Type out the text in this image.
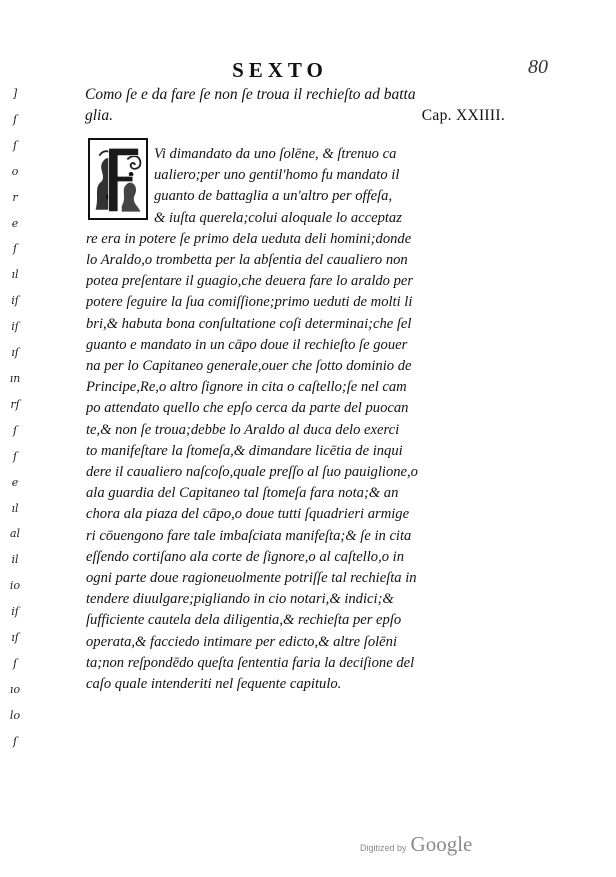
]
ſ
ſ
o
r
e
ſ
ıl
iſ
iſ
ıſ
ın
rſ
ſ
ſ
e
ıl
al
il
io
iſ
ıſ
ſ
ıo
lo
ſ
SEXTO	80
Como ſe e da fare ſe non ſe troua il rechieſto ad batta
glia.	Cap. XXIIII.
Vi dimandato da uno ſolēne, & ſtrenuo ca
ualiero;per uno gentil'homo fu mandato il
guanto de battaglia a un'altro per offeſa,
& iuſta querela;colui aloquale lo acceptaz
re era in potere ſe primo dela ueduta deli homini;donde
lo Araldo,o trombetta per la abſentia del caualiero non
potea preſentare il guagio,che deuera fare lo araldo per
potere ſeguire la ſua comiſſione;primo ueduti de molti li
bri,& habuta bona conſultatione coſi determinai;che ſel
guanto e mandato in un cāpo doue il rechieſto ſe gouer
na per lo Capitaneo generale,ouer che ſotto dominio de
Principe,Re,o altro ſignore in cita o caſtello;ſe nel cam
po attendato quello che epſo cerca da parte del puocan
te,& non ſe troua;debbe lo Araldo al duca delo exerci
to manifeſtare la ſtomeſa,& dimandare licētia de inqui
dere il caualiero naſcoſo,quale preſſo al ſuo pauiglione,o
ala guardia del Capitaneo tal ſtomeſa fara nota;& an
chora ala piaza del cāpo,o doue tutti ſquadrieri armige
ri cōuengono fare tale imbaſciata manifeſta;& ſe in cita
eſſendo cortiſano ala corte de ſignore,o al caſtello,o in
ogni parte doue ragioneuolmente potriſſe tal rechieſta in
tendere diuulgare;pigliando in cio notari,& indici;&
ſufficiente cautela dela diligentia,& rechieſta per epſo
operata,& facciedo intimare per edicto,& altre ſolēni
ta;non reſpondēdo queſta ſententia faria la deciſione del
caſo quale intenderiti nel ſequente capitulo.
Digitized by Google
